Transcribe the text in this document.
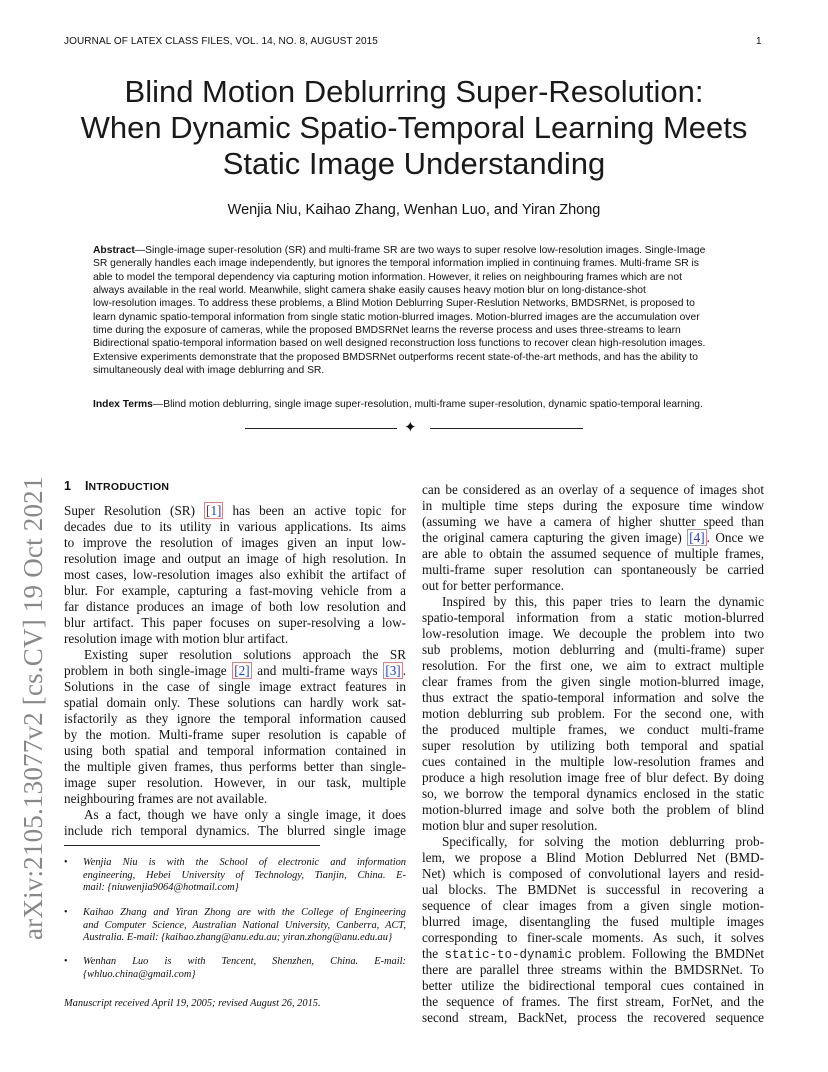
JOURNAL OF LATEX CLASS FILES, VOL. 14, NO. 8, AUGUST 2015	1
Blind Motion Deblurring Super-Resolution:
When Dynamic Spatio-Temporal Learning Meets
Static Image Understanding
Wenjia Niu, Kaihao Zhang, Wenhan Luo, and Yiran Zhong
Abstract—Single-image super-resolution (SR) and multi-frame SR are two ways to super resolve low-resolution images. Single-Image
SR generally handles each image independently, but ignores the temporal information implied in continuing frames. Multi-frame SR is
able to model the temporal dependency via capturing motion information. However, it relies on neighbouring frames which are not
always available in the real world. Meanwhile, slight camera shake easily causes heavy motion blur on long-distance-shot
low-resolution images. To address these problems, a Blind Motion Deblurring Super-Reslution Networks, BMDSRNet, is proposed to
learn dynamic spatio-temporal information from single static motion-blurred images. Motion-blurred images are the accumulation over
time during the exposure of cameras, while the proposed BMDSRNet learns the reverse process and uses three-streams to learn
Bidirectional spatio-temporal information based on well designed reconstruction loss functions to recover clean high-resolution images.
Extensive experiments demonstrate that the proposed BMDSRNet outperforms recent state-of-the-art methods, and has the ability to
simultaneously deal with image deblurring and SR.
Index Terms—Blind motion deblurring, single image super-resolution, multi-frame super-resolution, dynamic spatio-temporal learning.
✦
arXiv:2105.13077v2 [cs.CV] 19 Oct 2021 1 INTRODUCTION
Super Resolution (SR) [1] has been an active topic for
decades due to its utility in various applications. Its aims
to improve the resolution of images given an input low-
resolution image and output an image of high resolution. In
most cases, low-resolution images also exhibit the artifact of
blur. For example, capturing a fast-moving vehicle from a
far distance produces an image of both low resolution and
blur artifact. This paper focuses on super-resolving a low-
resolution image with motion blur artifact.
Existing super resolution solutions approach the SR
problem in both single-image [2] and multi-frame ways [3] .
Solutions in the case of single image extract features in
spatial domain only. These solutions can hardly work sat-
isfactorily as they ignore the temporal information caused
by the motion. Multi-frame super resolution is capable of
using both spatial and temporal information contained in
the multiple given frames, thus performs better than single-
image super resolution. However, in our task, multiple
neighbouring frames are not available.
As a fact, though we have only a single image, it does
include rich temporal dynamics. The blurred single image
• Wenjia Niu is with the School of electronic and information
engineering, Hebei University of Technology, Tianjin, China. E-
mail: {niuwenjia9064@hotmail.com}
• Kaihao Zhang and Yiran Zhong are with the College of Engineering
and Computer Science, Australian National University, Canberra, ACT,
Australia. E-mail: {kaihao.zhang@anu.edu.au; yiran.zhong@anu.edu.au}
• Wenhan Luo is with Tencent, Shenzhen, China. E-mail:
{whluo.china@gmail.com}
Manuscript received April 19, 2005; revised August 26, 2015.
can be considered as an overlay of a sequence of images shot
in multiple time steps during the exposure time window
(assuming we have a camera of higher shutter speed than
the original camera capturing the given image) [4] . Once we
are able to obtain the assumed sequence of multiple frames,
multi-frame super resolution can spontaneously be carried
out for better performance.
Inspired by this, this paper tries to learn the dynamic
spatio-temporal information from a static motion-blurred
low-resolution image. We decouple the problem into two
sub problems, motion deblurring and (multi-frame) super
resolution. For the first one, we aim to extract multiple
clear frames from the given single motion-blurred image,
thus extract the spatio-temporal information and solve the
motion deblurring sub problem. For the second one, with
the produced multiple frames, we conduct multi-frame
super resolution by utilizing both temporal and spatial
cues contained in the multiple low-resolution frames and
produce a high resolution image free of blur defect. By doing
so, we borrow the temporal dynamics enclosed in the static
motion-blurred image and solve both the problem of blind
motion blur and super resolution.
Specifically, for solving the motion deblurring prob-
lem, we propose a Blind Motion Deblurred Net (BMD-
Net) which is composed of convolutional layers and resid-
ual blocks. The BMDNet is successful in recovering a
sequence of clear images from a given single motion-
blurred image, disentangling the fused multiple images
corresponding to finer-scale moments. As such, it solves
the static-to-dynamic problem. Following the BMDNet
there are parallel three streams within the BMDSRNet. To
better utilize the bidirectional temporal cues contained in
the sequence of frames. The first stream, ForNet, and the
second stream, BackNet, process the recovered sequence
